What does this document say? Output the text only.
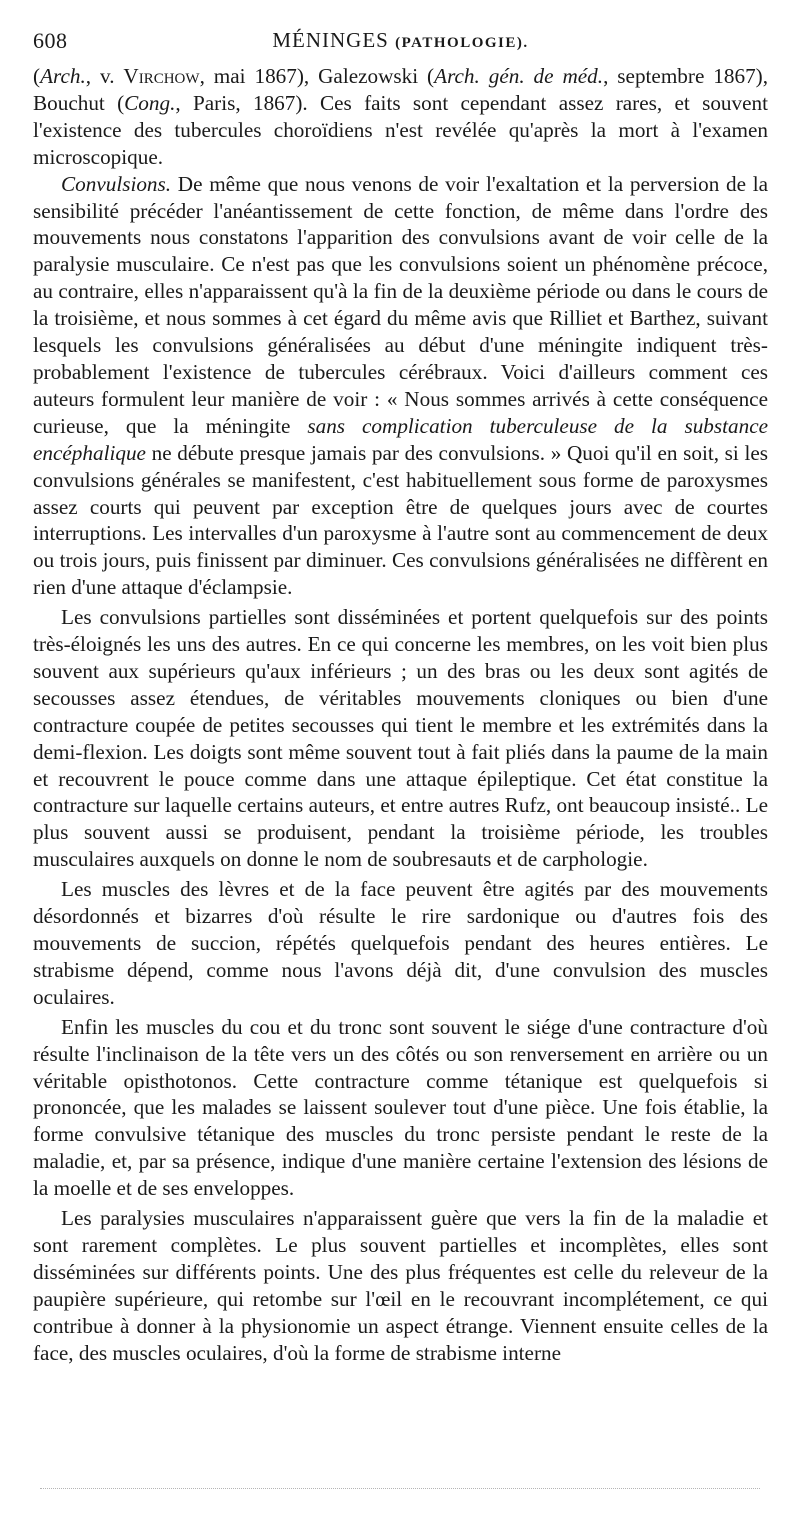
608	MÉNINGES (PATHOLOGIE).

(Arch., v. Virchow, mai 1867), Galezowski (Arch. gén. de méd., septembre 1867), Bouchut (Cong., Paris, 1867). Ces faits sont cependant assez rares, et souvent l'existence des tubercules choroïdiens n'est revélée qu'après la mort à l'examen microscopique.

Convulsions. De même que nous venons de voir l'exaltation et la perversion de la sensibilité précéder l'anéantissement de cette fonction, de même dans l'ordre des mouvements nous constatons l'apparition des convulsions avant de voir celle de la paralysie musculaire. Ce n'est pas que les convulsions soient un phénomène précoce, au contraire, elles n'apparaissent qu'à la fin de la deuxième période ou dans le cours de la troisième, et nous sommes à cet égard du même avis que Rilliet et Barthez, suivant lesquels les convulsions généralisées au début d'une méningite indiquent très-probablement l'existence de tubercules cérébraux. Voici d'ailleurs comment ces auteurs formulent leur manière de voir : « Nous sommes arrivés à cette conséquence curieuse, que la méningite sans complication tuberculeuse de la substance encéphalique ne débute presque jamais par des convulsions. » Quoi qu'il en soit, si les convulsions générales se manifestent, c'est habituellement sous forme de paroxysmes assez courts qui peuvent par exception être de quelques jours avec de courtes interruptions. Les intervalles d'un paroxysme à l'autre sont au commencement de deux ou trois jours, puis finissent par diminuer. Ces convulsions généralisées ne diffèrent en rien d'une attaque d'éclampsie.

Les convulsions partielles sont disséminées et portent quelquefois sur des points très-éloignés les uns des autres. En ce qui concerne les membres, on les voit bien plus souvent aux supérieurs qu'aux inférieurs ; un des bras ou les deux sont agités de secousses assez étendues, de véritables mouvements cloniques ou bien d'une contracture coupée de petites secousses qui tient le membre et les extrémités dans la demi-flexion. Les doigts sont même souvent tout à fait pliés dans la paume de la main et recouvrent le pouce comme dans une attaque épileptique. Cet état constitue la contracture sur laquelle certains auteurs, et entre autres Rufz, ont beaucoup insisté.. Le plus souvent aussi se produisent, pendant la troisième période, les troubles musculaires auxquels on donne le nom de soubresauts et de carphologie.

Les muscles des lèvres et de la face peuvent être agités par des mouvements désordonnés et bizarres d'où résulte le rire sardonique ou d'autres fois des mouvements de succion, répétés quelquefois pendant des heures entières. Le strabisme dépend, comme nous l'avons déjà dit, d'une convulsion des muscles oculaires.

Enfin les muscles du cou et du tronc sont souvent le siége d'une contracture d'où résulte l'inclinaison de la tête vers un des côtés ou son renversement en arrière ou un véritable opisthotonos. Cette contracture comme tétanique est quelquefois si prononcée, que les malades se laissent soulever tout d'une pièce. Une fois établie, la forme convulsive tétanique des muscles du tronc persiste pendant le reste de la maladie, et, par sa présence, indique d'une manière certaine l'extension des lésions de la moelle et de ses enveloppes.

Les paralysies musculaires n'apparaissent guère que vers la fin de la maladie et sont rarement complètes. Le plus souvent partielles et incomplètes, elles sont disséminées sur différents points. Une des plus fréquentes est celle du releveur de la paupière supérieure, qui retombe sur l'œil en le recouvrant incomplétement, ce qui contribue à donner à la physionomie un aspect étrange. Viennent ensuite celles de la face, des muscles oculaires, d'où la forme de strabisme interne
